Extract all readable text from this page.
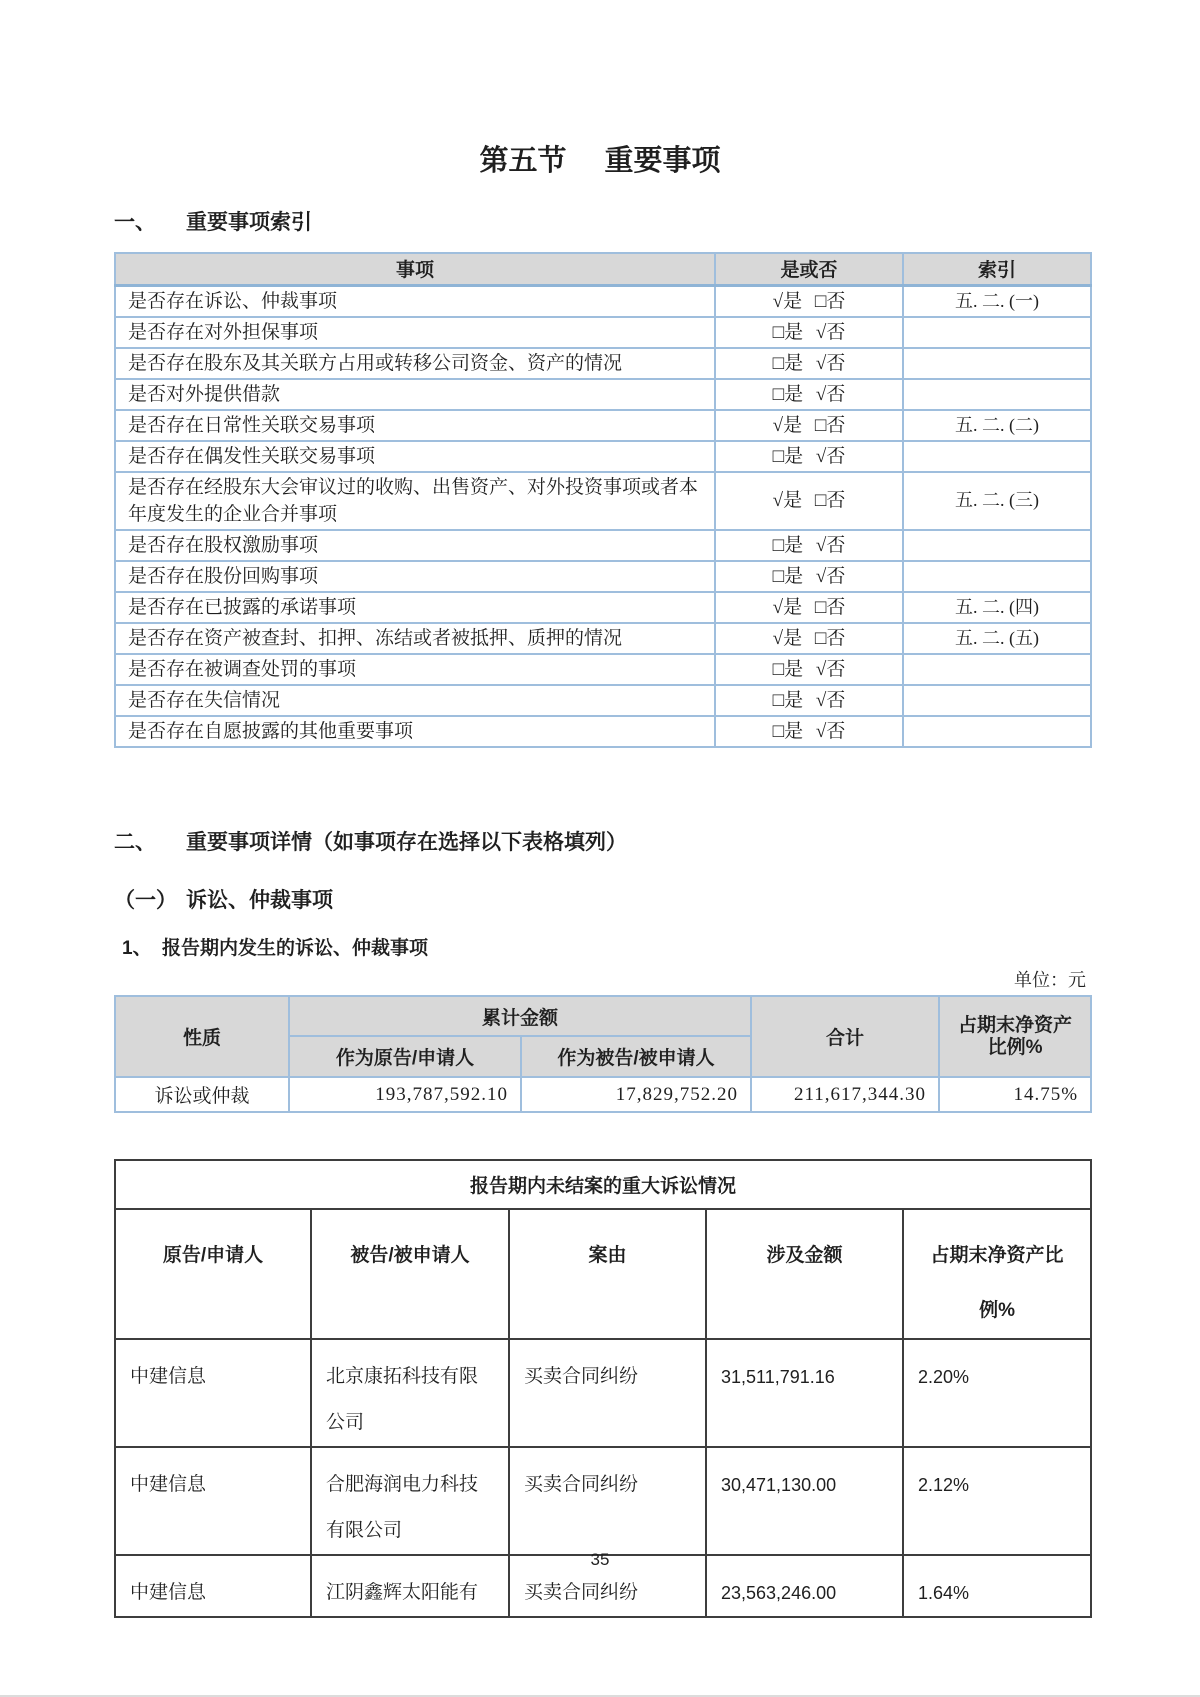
第五节 重要事项
一、 重要事项索引
事项	是或否	索引
是否存在诉讼、仲裁事项	√是 □否	五. 二. (一)
是否存在对外担保事项	□是 √否	
是否存在股东及其关联方占用或转移公司资金、资产的情况	□是 √否	
是否对外提供借款	□是 √否	
是否存在日常性关联交易事项	√是 □否	五. 二. (二)
是否存在偶发性关联交易事项	□是 √否	
是否存在经股东大会审议过的收购、出售资产、对外投资事项或者本年度发生的企业合并事项	√是 □否	五. 二. (三)
是否存在股权激励事项	□是 √否	
是否存在股份回购事项	□是 √否	
是否存在已披露的承诺事项	√是 □否	五. 二. (四)
是否存在资产被查封、扣押、冻结或者被抵押、质押的情况	√是 □否	五. 二. (五)
是否存在被调查处罚的事项	□是 √否	
是否存在失信情况	□是 √否	
是否存在自愿披露的其他重要事项	□是 √否	
二、 重要事项详情（如事项存在选择以下表格填列）
（一） 诉讼、仲裁事项
1、 报告期内发生的诉讼、仲裁事项
单位：元
性质	累计金额		合计	占期末净资产比例%
	作为原告/申请人	作为被告/被申请人		
诉讼或仲裁	193,787,592.10	17,829,752.20	211,617,344.30	14.75%
报告期内未结案的重大诉讼情况				
原告/申请人	被告/被申请人	案由	涉及金额	占期末净资产比例%
中建信息	北京康拓科技有限公司	买卖合同纠纷	31,511,791.16	2.20%
中建信息	合肥海润电力科技有限公司	买卖合同纠纷	30,471,130.00	2.12%
中建信息	江阴鑫辉太阳能有	买卖合同纠纷	23,563,246.00	1.64%
35
